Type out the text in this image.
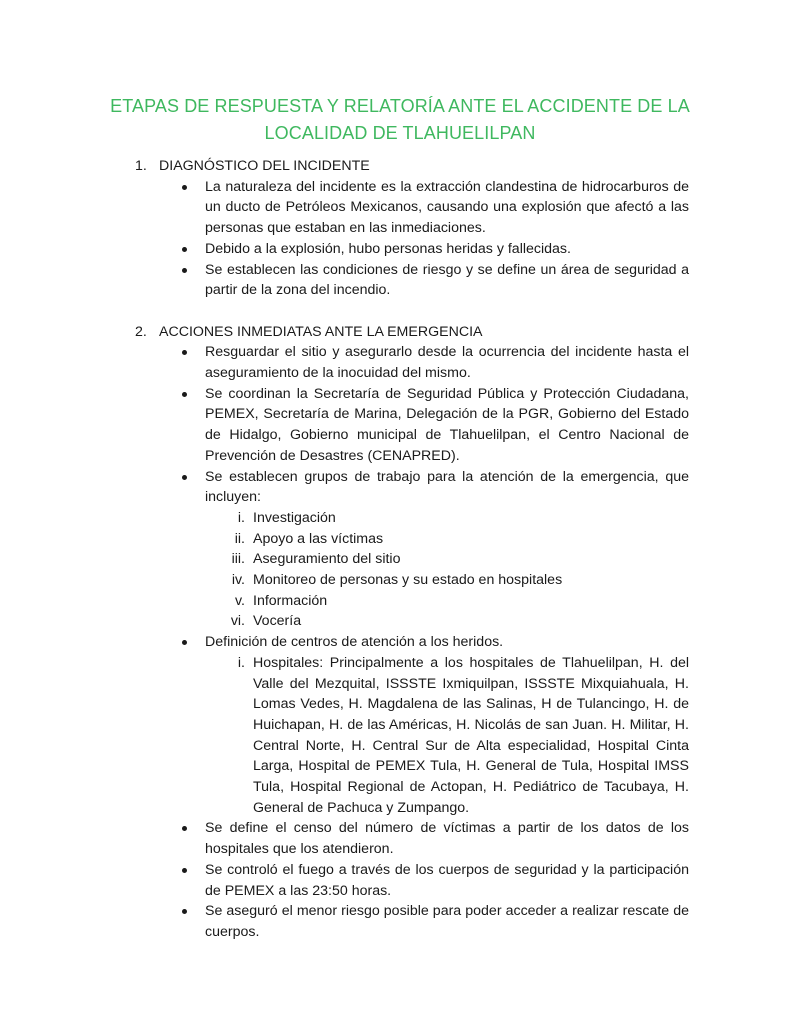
ETAPAS DE RESPUESTA Y RELATORÍA ANTE EL ACCIDENTE DE LA
LOCALIDAD DE TLAHUELILPAN
1. DIAGNÓSTICO DEL INCIDENTE
La naturaleza del incidente es la extracción clandestina de hidrocarburos de un ducto de Petróleos Mexicanos, causando una explosión que afectó a las personas que estaban en las inmediaciones.
Debido a la explosión, hubo personas heridas y fallecidas.
Se establecen las condiciones de riesgo y se define un área de seguridad a partir de la zona del incendio.
2. ACCIONES INMEDIATAS ANTE LA EMERGENCIA
Resguardar el sitio y asegurarlo desde la ocurrencia del incidente hasta el aseguramiento de la inocuidad del mismo.
Se coordinan la Secretaría de Seguridad Pública y Protección Ciudadana, PEMEX, Secretaría de Marina, Delegación de la PGR, Gobierno del Estado de Hidalgo, Gobierno municipal de Tlahuelilpan, el Centro Nacional de Prevención de Desastres (CENAPRED).
Se establecen grupos de trabajo para la atención de la emergencia, que incluyen:
i. Investigación
ii. Apoyo a las víctimas
iii. Aseguramiento del sitio
iv. Monitoreo de personas y su estado en hospitales
v. Información
vi. Vocería
Definición de centros de atención a los heridos.
i. Hospitales: Principalmente a los hospitales de Tlahuelilpan, H. del Valle del Mezquital, ISSSTE Ixmiquilpan, ISSSTE Mixquiahuala, H. Lomas Vedes, H. Magdalena de las Salinas, H de Tulancingo, H. de Huichapan, H. de las Américas, H. Nicolás de san Juan. H. Militar, H. Central Norte, H. Central Sur de Alta especialidad, Hospital Cinta Larga, Hospital de PEMEX Tula, H. General de Tula, Hospital IMSS Tula, Hospital Regional de Actopan, H. Pediátrico de Tacubaya, H. General de Pachuca y Zumpango.
Se define el censo del número de víctimas a partir de los datos de los hospitales que los atendieron.
Se controló el fuego a través de los cuerpos de seguridad y la participación de PEMEX a las 23:50 horas.
Se aseguró el menor riesgo posible para poder acceder a realizar rescate de cuerpos.
